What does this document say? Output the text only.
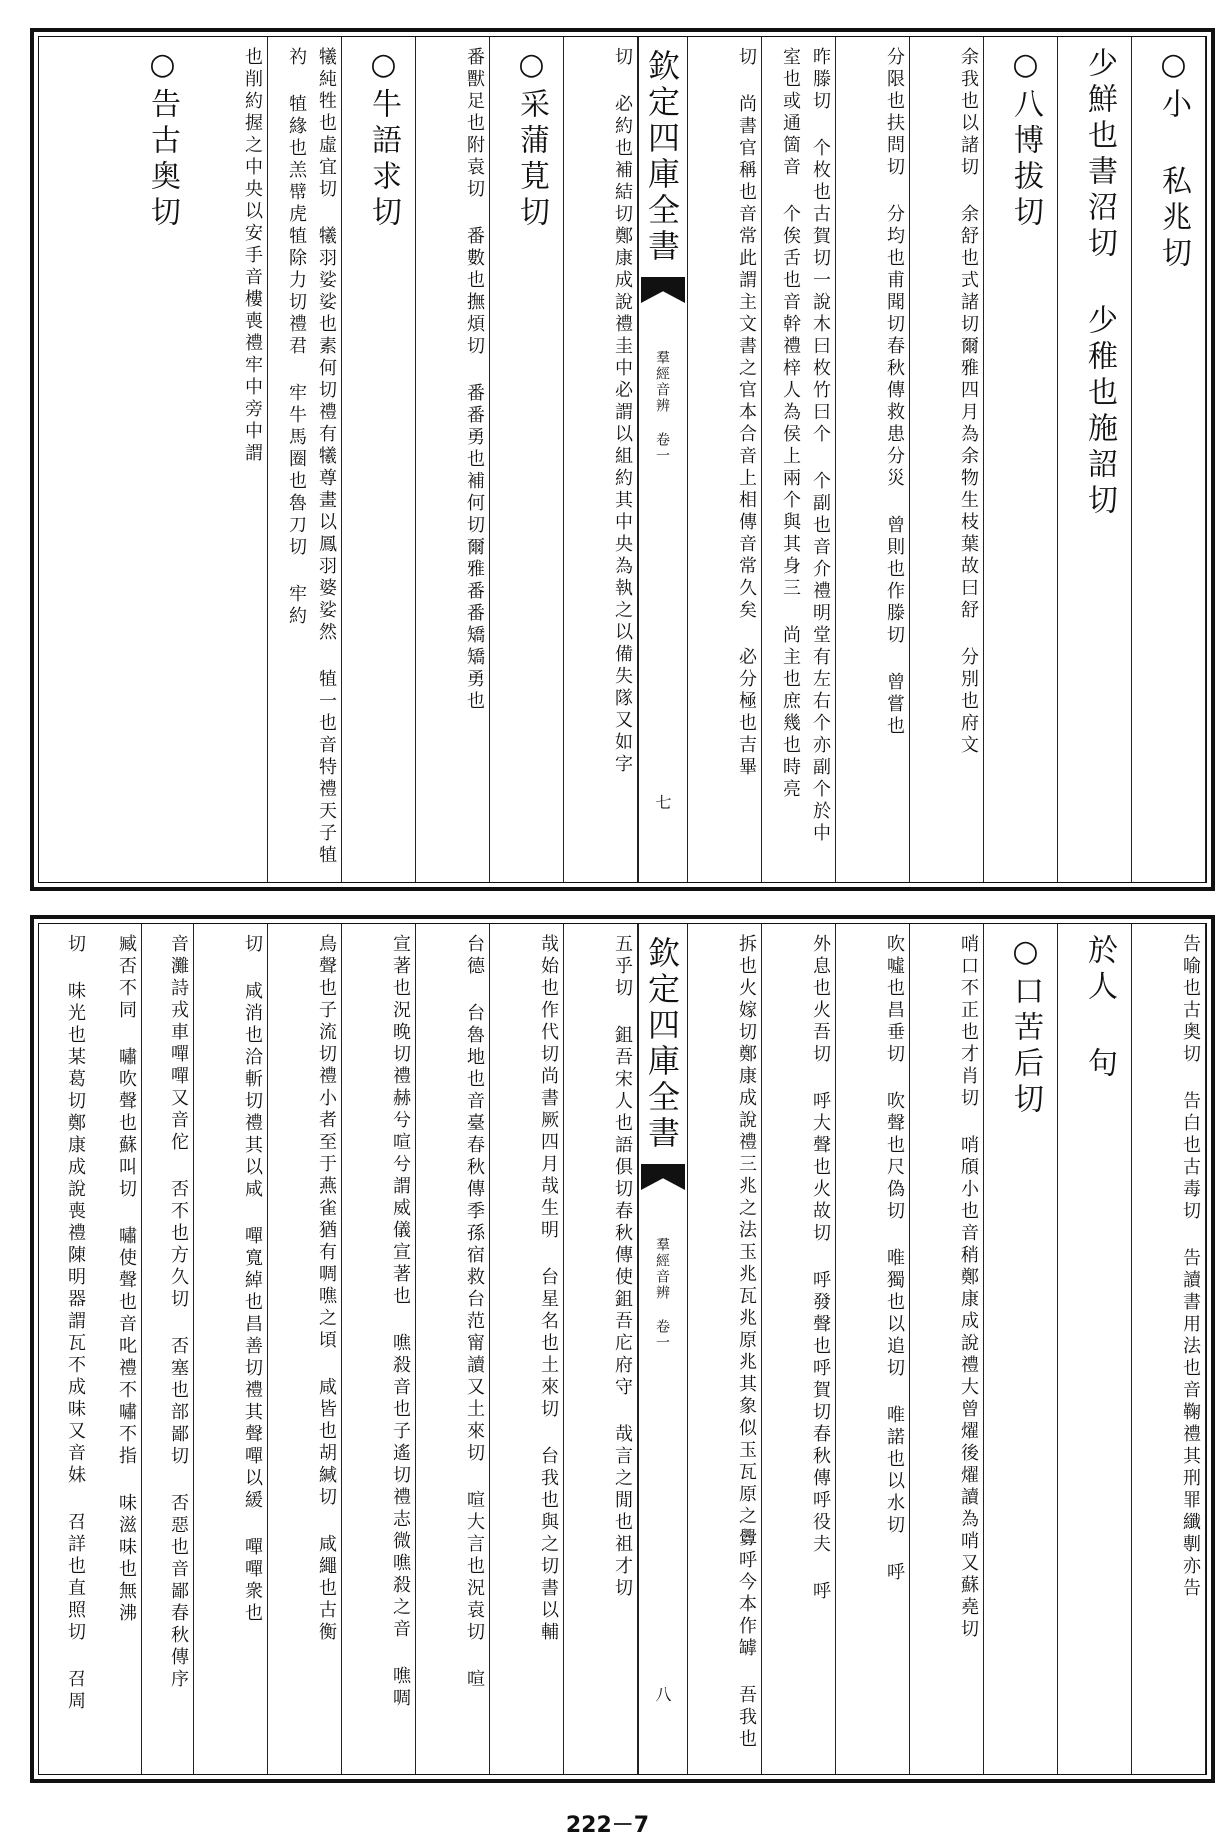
○小 私兆切
少鮮也書沼切 少稚也施詔切
○八博拔切
余我也以諸切 余舒也式諸切爾雅四月為余物生枝葉故曰舒 分別也府文
分限也扶問切 分均也甫聞切春秋傳救患分災 曾則也作滕切 曾嘗也
昨滕切 个枚也古賀切一說木曰枚竹曰个 个副也音介禮明堂有左右个亦副个於中 室也或通箇音 个俟舌也音幹禮梓人為侯上兩个與其身三 尚主也庶幾也時亮
切 尚書官稱也音常此謂主文書之官本合音上相傳音常久矣 必分極也吉畢
欽定四庫全書
羣經音辨 卷一
七
切 必約也補結切鄭康成說禮圭中必謂以組約其中央為執之以備失隊又如字
○采蒲莧切
番獸足也附袁切 番數也撫煩切 番番勇也補何切爾雅番番矯矯勇也
○牛語求切
犧純牲也虛宜切 犧羽娑娑也素何切禮有犧尊畫以鳳羽婆娑然 犆一也音特禮天子犆礿 犆緣也羔幦虎犆除力切禮君 牢牛馬圈也魯刀切 牢約
也削約握之中央以安手音樓喪禮牢中旁中謂
○告古奥切
告喻也古奥切 告白也古毒切 告讀書用法也音鞠禮其刑罪纖剸亦告
於人 句
○口苦后切
哨口不正也才肖切 哨頎小也音稍鄭康成說禮大曾燿後燿讀為哨又蘇堯切
吹噓也昌垂切 吹聲也尺偽切 唯獨也以追切 唯諾也以水切 呼
外息也火吾切 呼大聲也火故切 呼發聲也呼賀切春秋傳呼役夫 呼
拆也火嫁切鄭康成說禮三兆之法玉兆瓦兆原兆其象似玉瓦原之釁呼今本作罅 吾我也
欽定四庫全書
羣經音辨 卷一
八
五乎切 鉏吾宋人也語俱切春秋傳使鉏吾庀府守 哉言之閒也祖才切
哉始也作代切尚書厥四月哉生明 台星名也土來切 台我也與之切書以輔
台德 台魯地也音臺春秋傳季孫宿救台范甯讀又土來切 喧大言也況袁切 喧
宣著也況晚切禮赫兮喧兮謂威儀宣著也 噍殺音也子遙切禮志微噍殺之音 噍啁
鳥聲也子流切禮小者至于燕雀猶有啁噍之頃 咸皆也胡緘切 咸繩也古衡
切 咸消也洽斬切禮其以咸 嘽寬綽也昌善切禮其聲嘽以緩 嘽嘽衆也
音灘詩戎車嘽嘽又音佗 否不也方久切 否塞也部鄙切 否惡也音鄙春秋傳序
臧否不同 嘯吹聲也蘇叫切 嘯使聲也音叱禮不嘯不指 味滋味也無沸
切 味光也某葛切鄭康成說喪禮陳明器謂瓦不成味又音妹 召詳也直照切 召周
222－7
